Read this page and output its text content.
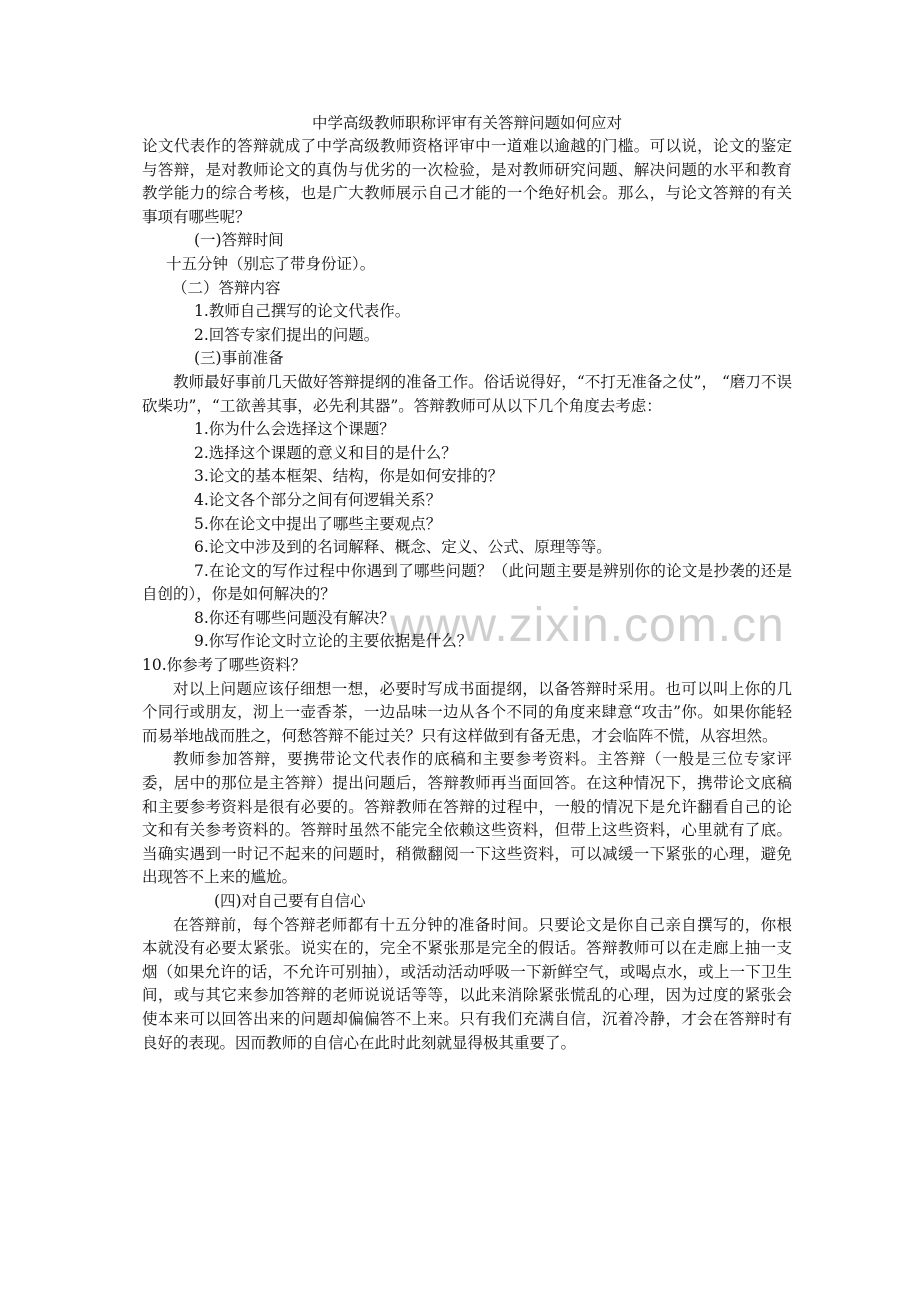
www.zixin.com.cn

中学高级教师职称评审有关答辩问题如何应对

论文代表作的答辩就成了中学高级教师资格评审中一道难以逾越的门槛。可以说，论文的鉴定与答辩，是对教师论文的真伪与优劣的一次检验，是对教师研究问题、解决问题的水平和教育教学能力的综合考核，也是广大教师展示自己才能的一个绝好机会。那么，与论文答辩的有关事项有哪些呢？

(一)答辩时间

十五分钟（别忘了带身份证）。

（二）答辩内容

1.教师自己撰写的论文代表作。

2.回答专家们提出的问题。

(三)事前准备

教师最好事前几天做好答辩提纲的准备工作。俗话说得好，“不打无准备之仗”， “磨刀不误砍柴功”，“工欲善其事，必先利其器”。答辩教师可从以下几个角度去考虑：

1.你为什么会选择这个课题？

2.选择这个课题的意义和目的是什么？

3.论文的基本框架、结构，你是如何安排的？

4.论文各个部分之间有何逻辑关系？

5.你在论文中提出了哪些主要观点？

6.论文中涉及到的名词解释、概念、定义、公式、原理等等。

7.在论文的写作过程中你遇到了哪些问题？（此问题主要是辨别你的论文是抄袭的还是自创的），你是如何解决的？

8.你还有哪些问题没有解决？

9.你写作论文时立论的主要依据是什么？

10.你参考了哪些资料？

对以上问题应该仔细想一想，必要时写成书面提纲，以备答辩时采用。也可以叫上你的几个同行或朋友，沏上一壶香茶，一边品味一边从各个不同的角度来肆意“攻击”你。如果你能轻而易举地战而胜之，何愁答辩不能过关？只有这样做到有备无患，才会临阵不慌，从容坦然。

教师参加答辩，要携带论文代表作的底稿和主要参考资料。主答辩（一般是三位专家评委，居中的那位是主答辩）提出问题后，答辩教师再当面回答。在这种情况下，携带论文底稿和主要参考资料是很有必要的。答辩教师在答辩的过程中，一般的情况下是允许翻看自己的论文和有关参考资料的。答辩时虽然不能完全依赖这些资料，但带上这些资料，心里就有了底。当确实遇到一时记不起来的问题时，稍微翻阅一下这些资料，可以减缓一下紧张的心理，避免出现答不上来的尴尬。

(四)对自己要有自信心

在答辩前，每个答辩老师都有十五分钟的准备时间。只要论文是你自己亲自撰写的，你根本就没有必要太紧张。说实在的，完全不紧张那是完全的假话。答辩教师可以在走廊上抽一支烟（如果允许的话，不允许可别抽），或活动活动呼吸一下新鲜空气，或喝点水，或上一下卫生间，或与其它来参加答辩的老师说说话等等，以此来消除紧张慌乱的心理，因为过度的紧张会使本来可以回答出来的问题却偏偏答不上来。只有我们充满自信，沉着冷静，才会在答辩时有良好的表现。因而教师的自信心在此时此刻就显得极其重要了。
